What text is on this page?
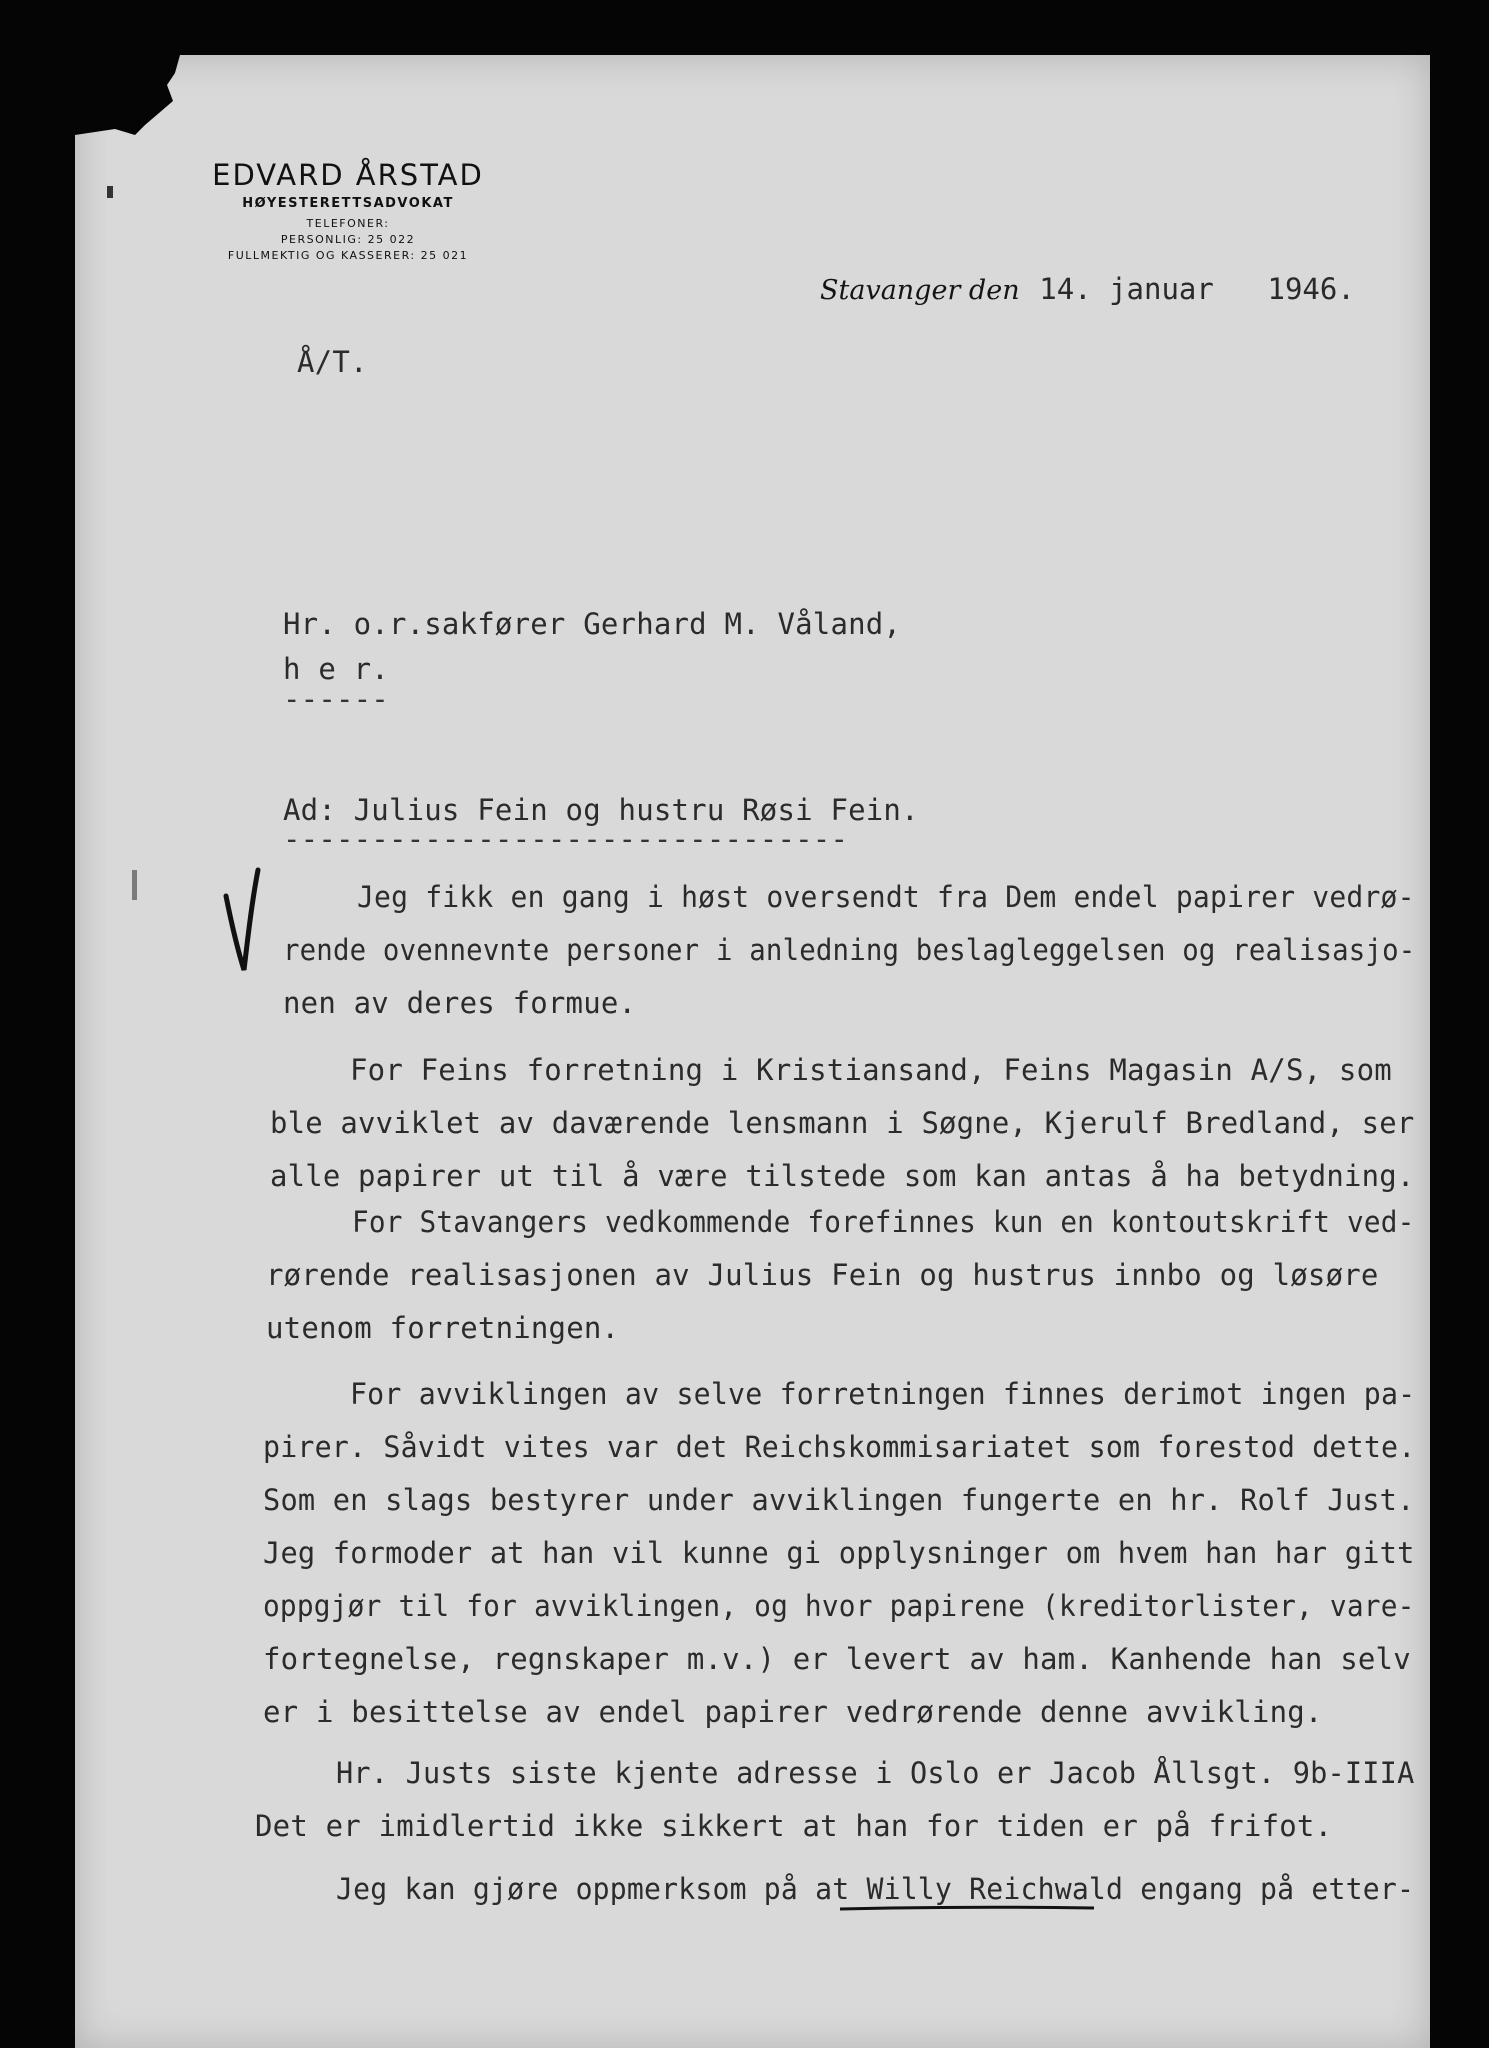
EDVARD ÅRSTAD
HØYESTERETTSADVOKAT
TELEFONER:
PERSONLIG: 25 022
FULLMEKTIG OG KASSERER: 25 021
Stavanger den 14. januar 1946.
Å/T.
Hr. o.r.sakfører Gerhard M. Våland,
h e r.
------
Ad: Julius Fein og hustru Røsi Fein.
--------------------------------
Jeg fikk en gang i høst oversendt fra Dem endel papirer vedrø-
rende ovennevnte personer i anledning beslagleggelsen og realisasjo-
nen av deres formue.
For Feins forretning i Kristiansand, Feins Magasin A/S, som
ble avviklet av daværende lensmann i Søgne, Kjerulf Bredland, ser
alle papirer ut til å være tilstede som kan antas å ha betydning.
For Stavangers vedkommende forefinnes kun en kontoutskrift ved-
rørende realisasjonen av Julius Fein og hustrus innbo og løsøre
utenom forretningen.
For avviklingen av selve forretningen finnes derimot ingen pa-
pirer. Såvidt vites var det Reichskommisariatet som forestod dette.
Som en slags bestyrer under avviklingen fungerte en hr. Rolf Just.
Jeg formoder at han vil kunne gi opplysninger om hvem han har gitt
oppgjør til for avviklingen, og hvor papirene (kreditorlister, vare-
fortegnelse, regnskaper m.v.) er levert av ham. Kanhende han selv
er i besittelse av endel papirer vedrørende denne avvikling.
Hr. Justs siste kjente adresse i Oslo er Jacob Ållsgt. 9b-IIIA
Det er imidlertid ikke sikkert at han for tiden er på frifot.
Jeg kan gjøre oppmerksom på at Willy Reichwald engang på etter-
